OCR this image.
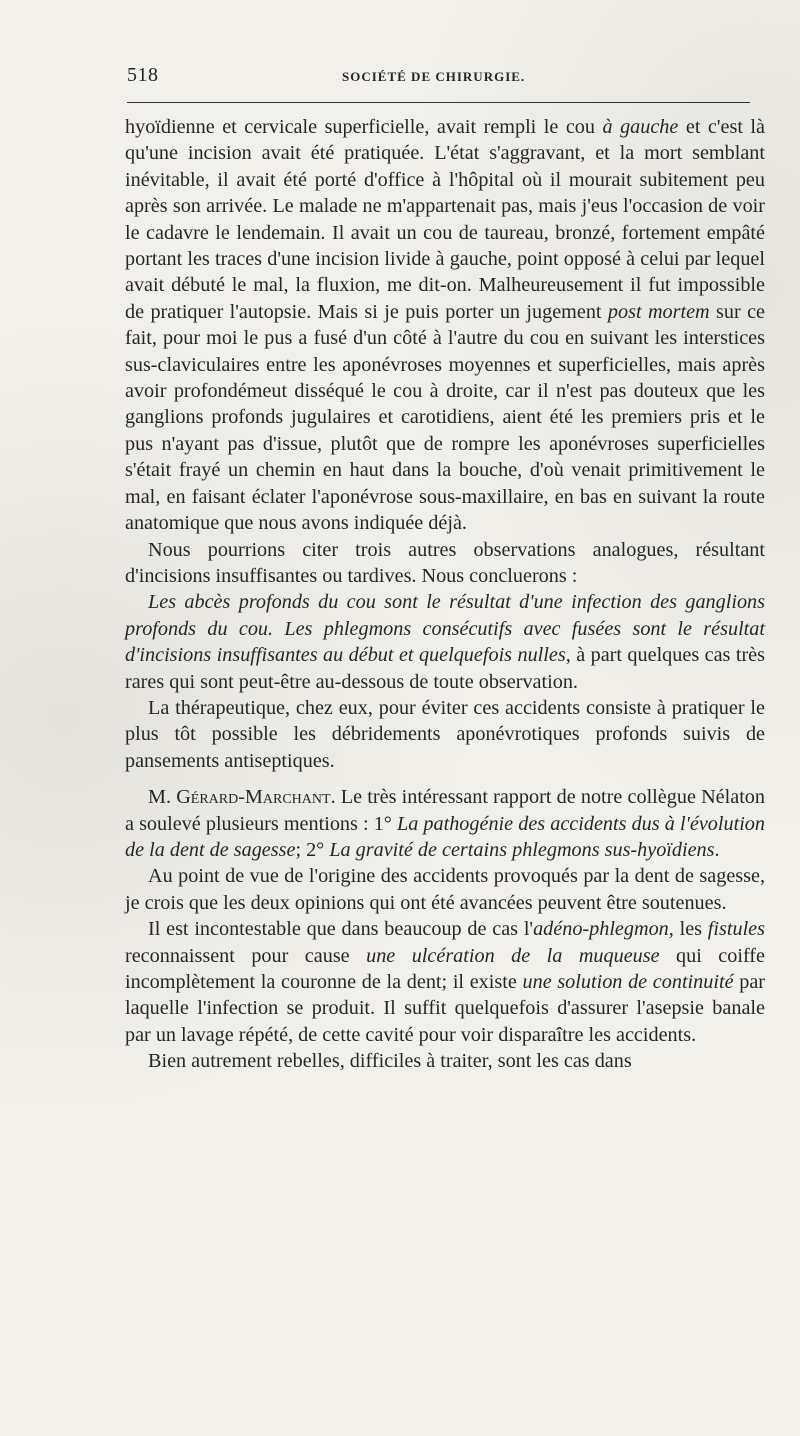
518	SOCIÉTÉ DE CHIRURGIE.

hyoïdienne et cervicale superficielle, avait rempli le cou à gauche et c'est là qu'une incision avait été pratiquée. L'état s'aggravant, et la mort semblant inévitable, il avait été porté d'office à l'hôpital où il mourait subitement peu après son arrivée. Le malade ne m'appartenait pas, mais j'eus l'occasion de voir le cadavre le lendemain. Il avait un cou de taureau, bronzé, fortement empâté portant les traces d'une incision livide à gauche, point opposé à celui par lequel avait débuté le mal, la fluxion, me dit-on. Malheureusement il fut impossible de pratiquer l'autopsie. Mais si je puis porter un jugement post mortem sur ce fait, pour moi le pus a fusé d'un côté à l'autre du cou en suivant les interstices sus-claviculaires entre les aponévroses moyennes et superficielles, mais après avoir profondémeut disséqué le cou à droite, car il n'est pas douteux que les ganglions profonds jugulaires et carotidiens, aient été les premiers pris et le pus n'ayant pas d'issue, plutôt que de rompre les aponévroses superficielles s'était frayé un chemin en haut dans la bouche, d'où venait primitivement le mal, en faisant éclater l'aponévrose sous-maxillaire, en bas en suivant la route anatomique que nous avons indiquée déjà.

Nous pourrions citer trois autres observations analogues, résultant d'incisions insuffisantes ou tardives. Nous concluerons :

Les abcès profonds du cou sont le résultat d'une infection des ganglions profonds du cou. Les phlegmons consécutifs avec fusées sont le résultat d'incisions insuffisantes au début et quelquefois nulles, à part quelques cas très rares qui sont peut-être au-dessous de toute observation.

La thérapeutique, chez eux, pour éviter ces accidents consiste à pratiquer le plus tôt possible les débridements aponévrotiques profonds suivis de pansements antiseptiques.

M. Gérard-Marchant. Le très intéressant rapport de notre collègue Nélaton a soulevé plusieurs mentions : 1° La pathogénie des accidents dus à l'évolution de la dent de sagesse; 2° La gravité de certains phlegmons sus-hyoïdiens.

Au point de vue de l'origine des accidents provoqués par la dent de sagesse, je crois que les deux opinions qui ont été avancées peuvent être soutenues.

Il est incontestable que dans beaucoup de cas l'adéno-phlegmon, les fistules reconnaissent pour cause une ulcération de la muqueuse qui coiffe incomplètement la couronne de la dent; il existe une solution de continuité par laquelle l'infection se produit. Il suffit quelquefois d'assurer l'asepsie banale par un lavage répété, de cette cavité pour voir disparaître les accidents.

Bien autrement rebelles, difficiles à traiter, sont les cas dans
